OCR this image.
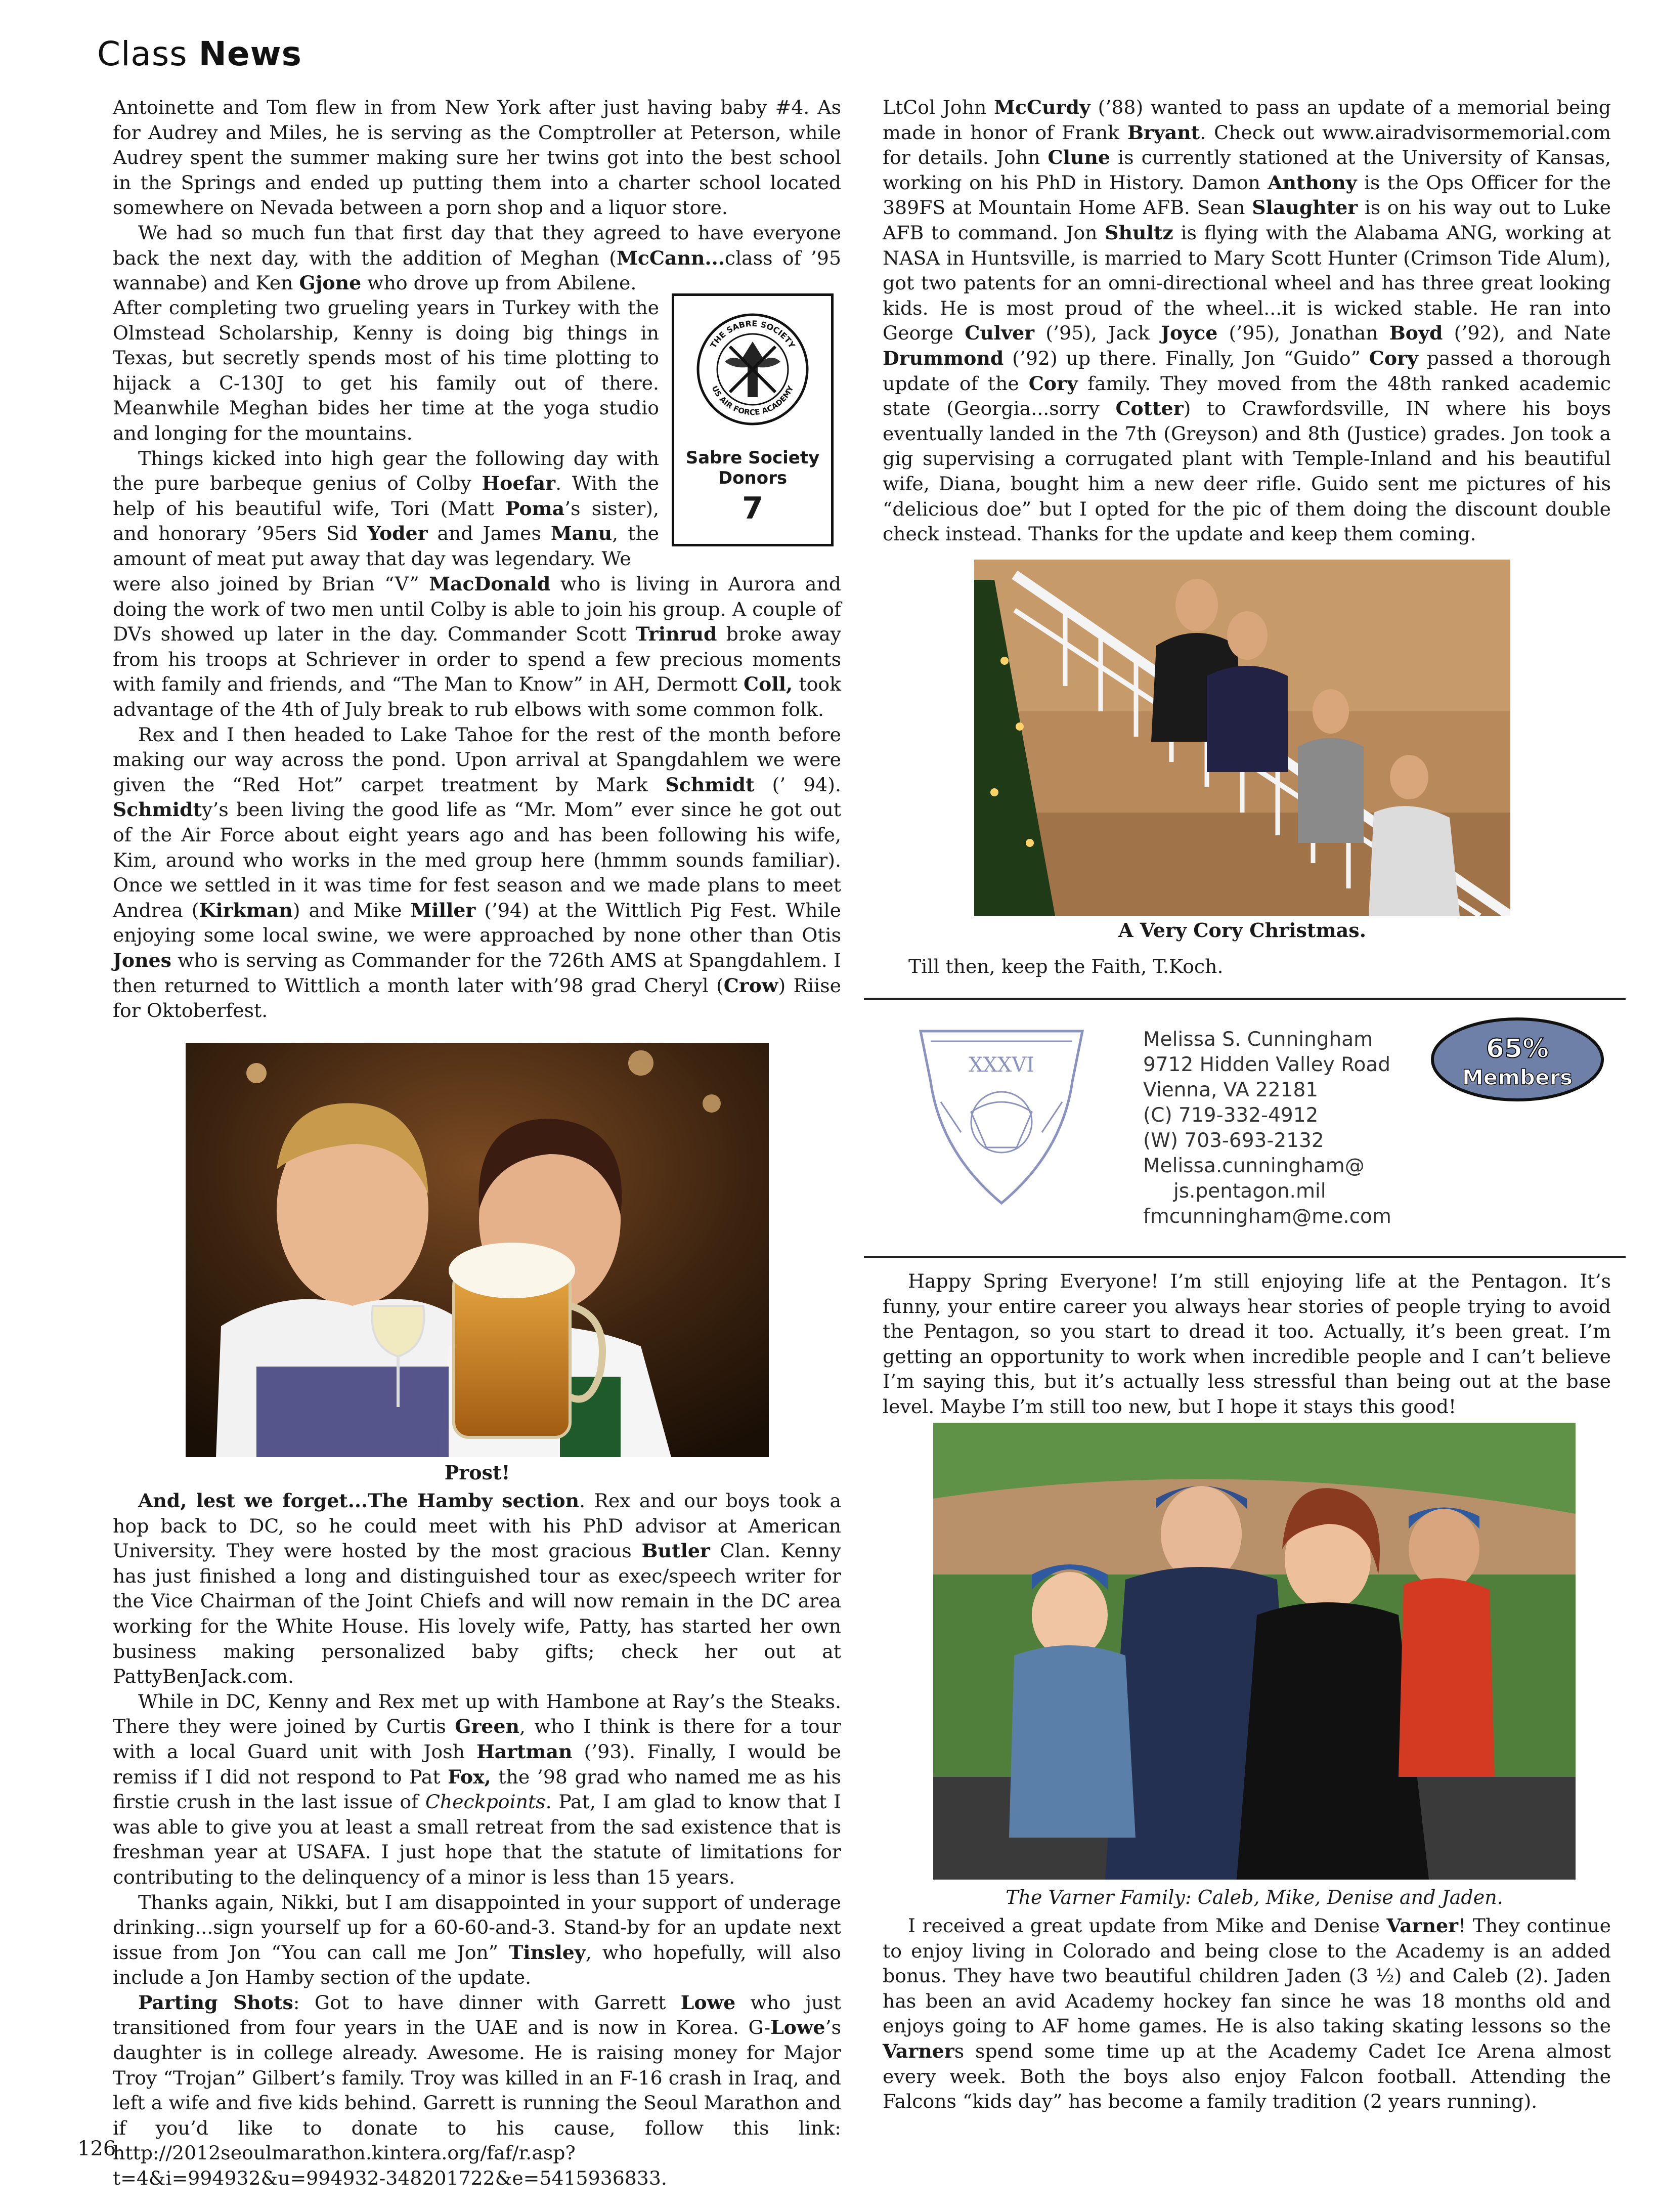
Class News

Antoinette and Tom flew in from New York after just having baby #4. As for Audrey and Miles, he is serving as the Comptroller at Peterson, while Audrey spent the summer making sure her twins got into the best school in the Springs and ended up putting them into a charter school located somewhere on Nevada between a porn shop and a liquor store.

We had so much fun that first day that they agreed to have everyone back the next day, with the addition of Meghan (McCann...class of ’95 wannabe) and Ken Gjone who drove up from Abilene.

After completing two grueling years in Turkey with the Olmstead Scholarship, Kenny is doing big things in Texas, but secretly spends most of his time plotting to hijack a C-130J to get his family out of there. Meanwhile Meghan bides her time at the yoga studio and longing for the mountains.

Things kicked into high gear the following day with the pure barbeque genius of Colby Hoefar. With the help of his beautiful wife, Tori (Matt Poma’s sister), and honorary ’95ers Sid Yoder and James Manu, the amount of meat put away that day was legendary. We

were also joined by Brian “V” MacDonald who is living in Aurora and doing the work of two men until Colby is able to join his group. A couple of DVs showed up later in the day. Commander Scott Trinrud broke away from his troops at Schriever in order to spend a few precious moments with family and friends, and “The Man to Know” in AH, Dermott Coll, took advantage of the 4th of July break to rub elbows with some common folk.

Rex and I then headed to Lake Tahoe for the rest of the month before making our way across the pond. Upon arrival at Spangdahlem we were given the “Red Hot” carpet treatment by Mark Schmidt (’ 94). Schmidty’s been living the good life as “Mr. Mom” ever since he got out of the Air Force about eight years ago and has been following his wife, Kim, around who works in the med group here (hmmm sounds familiar). Once we settled in it was time for fest season and we made plans to meet Andrea (Kirkman) and Mike Miller (’94) at the Wittlich Pig Fest. While enjoying some local swine, we were approached by none other than Otis Jones who is serving as Commander for the 726th AMS at Spangdahlem. I then returned to Wittlich a month later with’98 grad Cheryl (Crow) Riise for Oktoberfest.

THE SABRE SOCIETY
US AIR FORCE ACADEMY
Sabre Society
Donors
7
Prost!

And, lest we forget...The Hamby section. Rex and our boys took a hop back to DC, so he could meet with his PhD advisor at American University. They were hosted by the most gracious Butler Clan. Kenny has just finished a long and distinguished tour as exec/speech writer for the Vice Chairman of the Joint Chiefs and will now remain in the DC area working for the White House. His lovely wife, Patty, has started her own business making personalized baby gifts; check her out at PattyBenJack.com.

While in DC, Kenny and Rex met up with Hambone at Ray’s the Steaks. There they were joined by Curtis Green, who I think is there for a tour with a local Guard unit with Josh Hartman (’93). Finally, I would be remiss if I did not respond to Pat Fox, the ’98 grad who named me as his firstie crush in the last issue of Checkpoints. Pat, I am glad to know that I was able to give you at least a small retreat from the sad existence that is freshman year at USAFA. I just hope that the statute of limitations for contributing to the delinquency of a minor is less than 15 years.

Thanks again, Nikki, but I am disappointed in your support of underage drinking...sign yourself up for a 60-60-and-3. Stand-by for an update next issue from Jon “You can call me Jon” Tinsley, who hopefully, will also include a Jon Hamby section of the update.

Parting Shots: Got to have dinner with Garrett Lowe who just transitioned from four years in the UAE and is now in Korea. G-Lowe’s daughter is in college already. Awesome. He is raising money for Major Troy “Trojan” Gilbert’s family. Troy was killed in an F-16 crash in Iraq, and left a wife and five kids behind. Garrett is running the Seoul Marathon and if you’d like to donate to his cause, follow this link: http://2012seoulmarathon.kintera.org/faf/r.asp?t=4&i=994932&u=994932-348201722&e=5415936833.

126

LtCol John McCurdy (’88) wanted to pass an update of a memorial being made in honor of Frank Bryant. Check out www.airadvisormemorial.com for details. John Clune is currently stationed at the University of Kansas, working on his PhD in History. Damon Anthony is the Ops Officer for the 389FS at Mountain Home AFB. Sean Slaughter is on his way out to Luke AFB to command. Jon Shultz is flying with the Alabama ANG, working at NASA in Huntsville, is married to Mary Scott Hunter (Crimson Tide Alum), got two patents for an omni-directional wheel and has three great looking kids. He is most proud of the wheel...it is wicked stable. He ran into George Culver (’95), Jack Joyce (’95), Jonathan Boyd (’92), and Nate Drummond (’92) up there. Finally, Jon “Guido” Cory passed a thorough update of the Cory family. They moved from the 48th ranked academic state (Georgia...sorry Cotter) to Crawfordsville, IN where his boys eventually landed in the 7th (Greyson) and 8th (Justice) grades. Jon took a gig supervising a corrugated plant with Temple-Inland and his beautiful wife, Diana, bought him a new deer rifle. Guido sent me pictures of his “delicious doe” but I opted for the pic of them doing the discount double check instead. Thanks for the update and keep them coming.

A Very Cory Christmas.
Till then, keep the Faith, T.Koch.
XXXVI
Melissa S. Cunningham
9712 Hidden Valley Road
Vienna, VA 22181
(C) 719-332-4912
(W) 703-693-2132
Melissa.cunningham@
js.pentagon.mil
fmcunningham@me.com
65%
Members

Happy Spring Everyone! I’m still enjoying life at the Pentagon. It’s funny, your entire career you always hear stories of people trying to avoid the Pentagon, so you start to dread it too. Actually, it’s been great. I’m getting an opportunity to work when incredible people and I can’t believe I’m saying this, but it’s actually less stressful than being out at the base level. Maybe I’m still too new, but I hope it stays this good!

The Varner Family: Caleb, Mike, Denise and Jaden.

I received a great update from Mike and Denise Varner! They continue to enjoy living in Colorado and being close to the Academy is an added bonus. They have two beautiful children Jaden (3 ½) and Caleb (2). Jaden has been an avid Academy hockey fan since he was 18 months old and enjoys going to AF home games. He is also taking skating lessons so the Varners spend some time up at the Academy Cadet Ice Arena almost every week. Both the boys also enjoy Falcon football. Attending the Falcons “kids day” has become a family tradition (2 years running).
